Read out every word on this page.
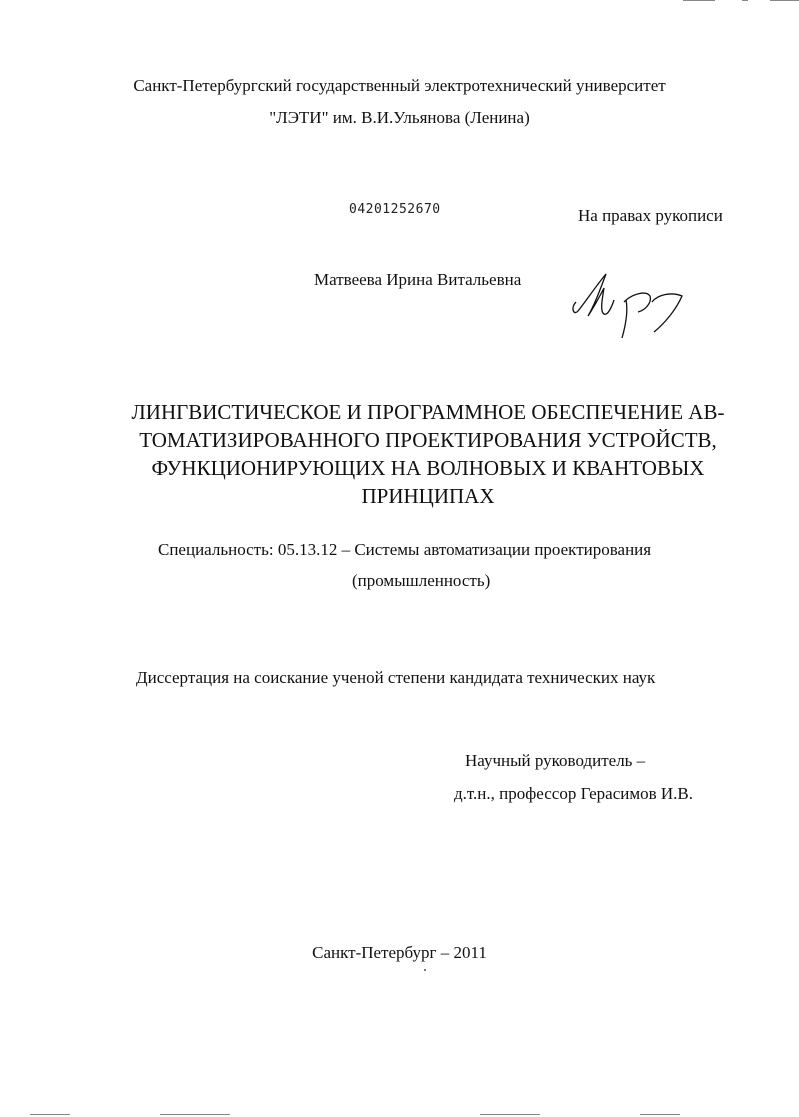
Санкт-Петербургский государственный электротехнический университет
"ЛЭТИ" им. В.И.Ульянова (Ленина)
04201252670	На правах рукописи
Матвеева Ирина Витальевна
ЛИНГВИСТИЧЕСКОЕ И ПРОГРАММНОЕ ОБЕСПЕЧЕНИЕ АВ-
ТОМАТИЗИРОВАННОГО ПРОЕКТИРОВАНИЯ УСТРОЙСТВ,
ФУНКЦИОНИРУЮЩИХ НА ВОЛНОВЫХ И КВАНТОВЫХ
ПРИНЦИПАХ
Специальность: 05.13.12 – Системы автоматизации проектирования
(промышленность)
Диссертация на соискание ученой степени кандидата технических наук
Научный руководитель –
д.т.н., профессор Герасимов И.В.
Санкт-Петербург – 2011
